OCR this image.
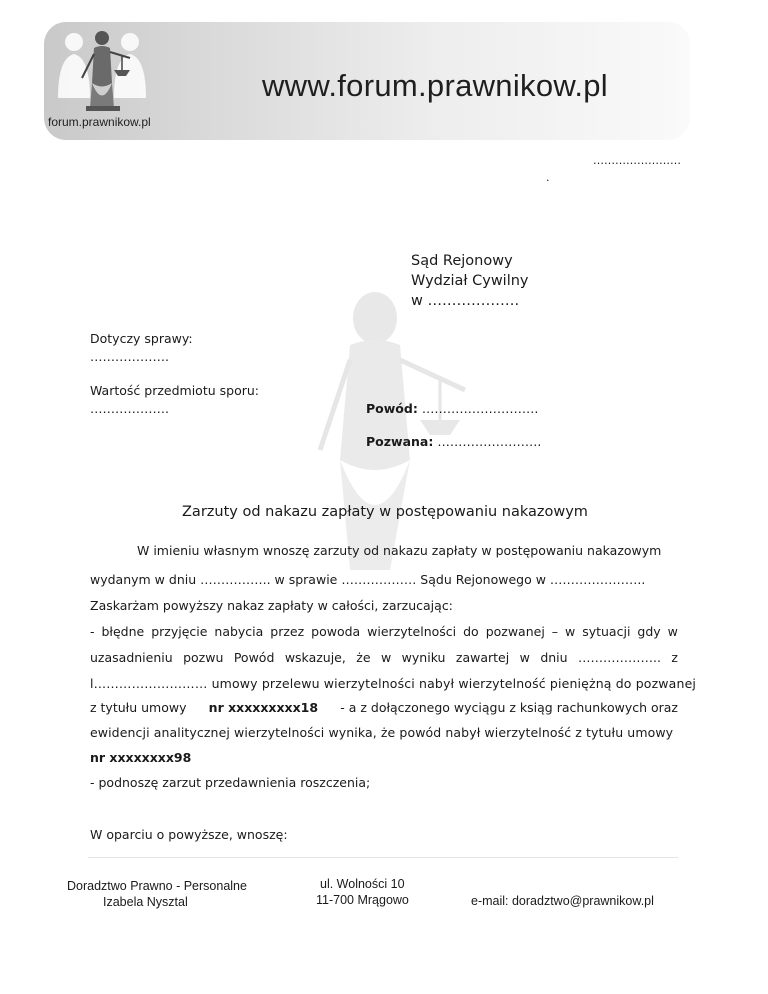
www.forum.prawnikow.pl
forum.prawnikow.pl
……………………
.
Sąd Rejonowy
Wydział Cywilny
w ……………….
Dotyczy sprawy:
……………….
Wartość przedmiotu sporu:
……………….	Powód: ……………………….
Pozwana: …………………….
Zarzuty od nakazu zapłaty w postępowaniu nakazowym
W imieniu własnym wnoszę zarzuty od nakazu zapłaty w postępowaniu nakazowym
wydanym w dniu …………….. w sprawie ……………… Sądu Rejonowego w …………………..
Zaskarżam powyższy nakaz zapłaty w całości, zarzucając:
- błędne przyjęcie nabycia przez powoda wierzytelności do pozwanej – w sytuacji gdy w
uzasadnieniu pozwu Powód wskazuje, że w wyniku zawartej w dniu ……………….. z
l……………………… umowy przelewu wierzytelności nabył wierzytelność pieniężną do pozwanej
z tytułu umowy nr xxxxxxxxx18 - a z dołączonego wyciągu z ksiąg rachunkowych oraz
ewidencji analitycznej wierzytelności wynika, że powód nabył wierzytelność z tytułu umowy
nr xxxxxxxx98
- podnoszę zarzut przedawnienia roszczenia;
W oparciu o powyższe, wnoszę:
Doradztwo Prawno - Personalne
Izabela Nysztal
ul. Wolności 10
11-700 Mrągowo	e-mail: doradztwo@prawnikow.pl
